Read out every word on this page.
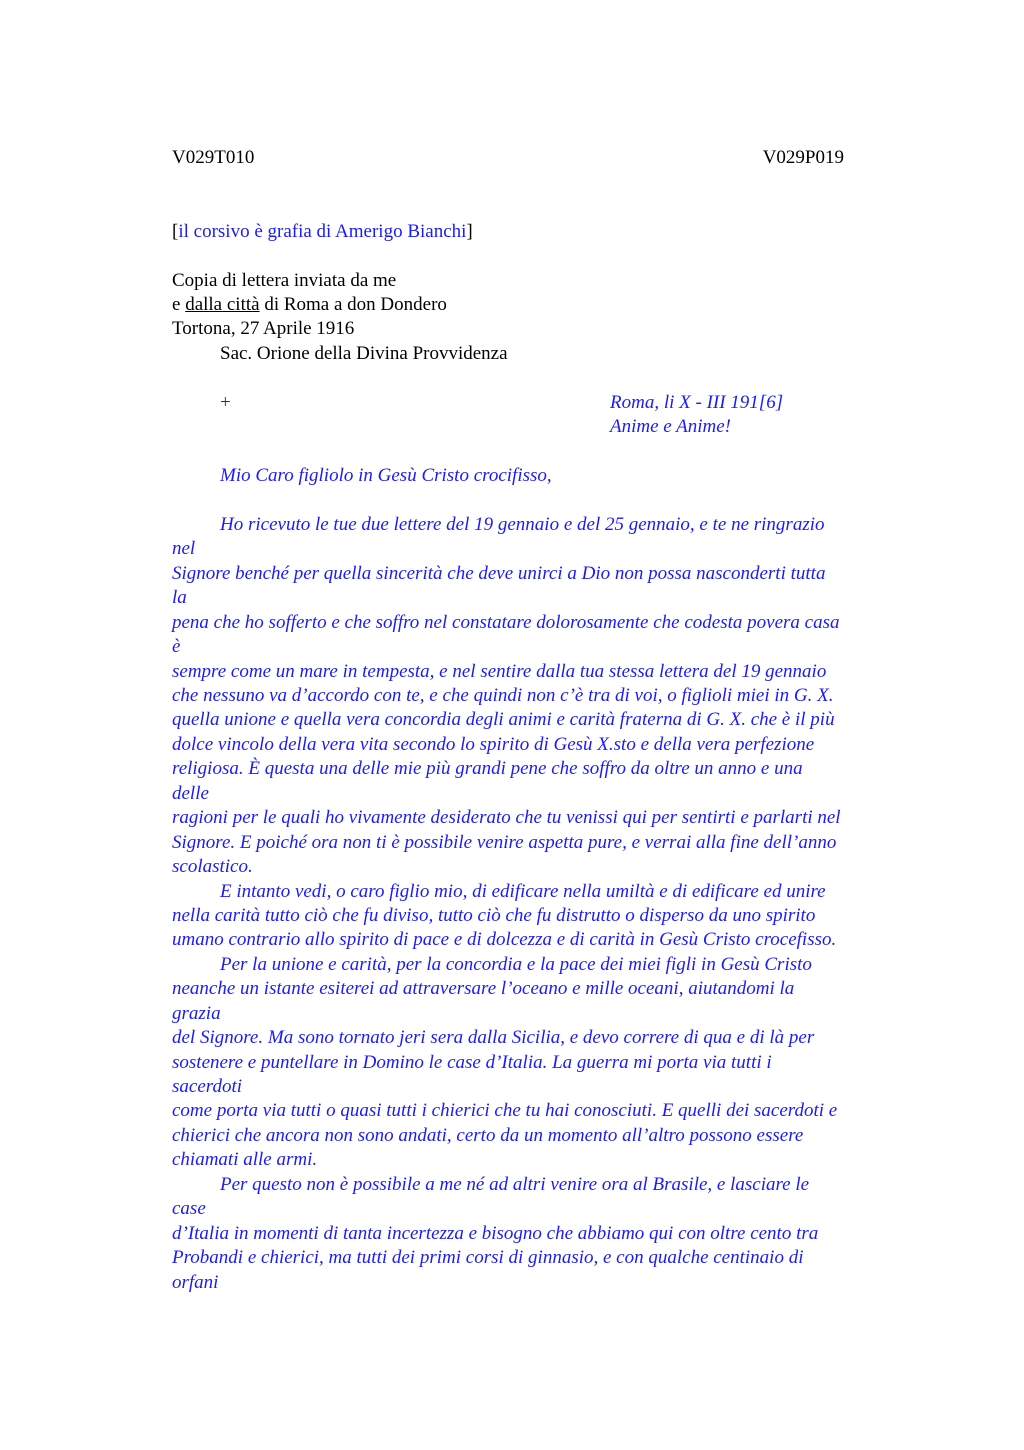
V029T010	V029P019
[il corsivo è grafia di Amerigo Bianchi]
Copia di lettera inviata da me
e dalla città di Roma a don Dondero
Tortona, 27 Aprile 1916
Sac. Orione della Divina Provvidenza
+	Roma, li X - III 191[6]
Anime e Anime!
Mio Caro figliolo in Gesù Cristo crocifisso,
Ho ricevuto le tue due lettere del 19 gennaio e del 25 gennaio, e te ne ringrazio
nel
Signore benché per quella sincerità che deve unirci a Dio non possa nasconderti tutta
la
pena che ho sofferto e che soffro nel constatare dolorosamente che codesta povera casa
è
sempre come un mare in tempesta, e nel sentire dalla tua stessa lettera del 19 gennaio
che nessuno va d’accordo con te, e che quindi non c’è tra di voi, o figlioli miei in G. X.
quella unione e quella vera concordia degli animi e carità fraterna di G. X. che è il più
dolce vincolo della vera vita secondo lo spirito di Gesù X.sto e della vera perfezione
religiosa. È questa una delle mie più grandi pene che soffro da oltre un anno e una
delle
ragioni per le quali ho vivamente desiderato che tu venissi qui per sentirti e parlarti nel
Signore. E poiché ora non ti è possibile venire aspetta pure, e verrai alla fine dell’anno
scolastico.
E intanto vedi, o caro figlio mio, di edificare nella umiltà e di edificare ed unire
nella carità tutto ciò che fu diviso, tutto ciò che fu distrutto o disperso da uno spirito
umano contrario allo spirito di pace e di dolcezza e di carità in Gesù Cristo crocefisso.
Per la unione e carità, per la concordia e la pace dei miei figli in Gesù Cristo
neanche un istante esiterei ad attraversare l’oceano e mille oceani, aiutandomi la
grazia
del Signore. Ma sono tornato jeri sera dalla Sicilia, e devo correre di qua e di là per
sostenere e puntellare in Domino le case d’Italia. La guerra mi porta via tutti i
sacerdoti
come porta via tutti o quasi tutti i chierici che tu hai conosciuti. E quelli dei sacerdoti e
chierici che ancora non sono andati, certo da un momento all’altro possono essere
chiamati alle armi.
Per questo non è possibile a me né ad altri venire ora al Brasile, e lasciare le
case
d’Italia in momenti di tanta incertezza e bisogno che abbiamo qui con oltre cento tra
Probandi e chierici, ma tutti dei primi corsi di ginnasio, e con qualche centinaio di
orfani
